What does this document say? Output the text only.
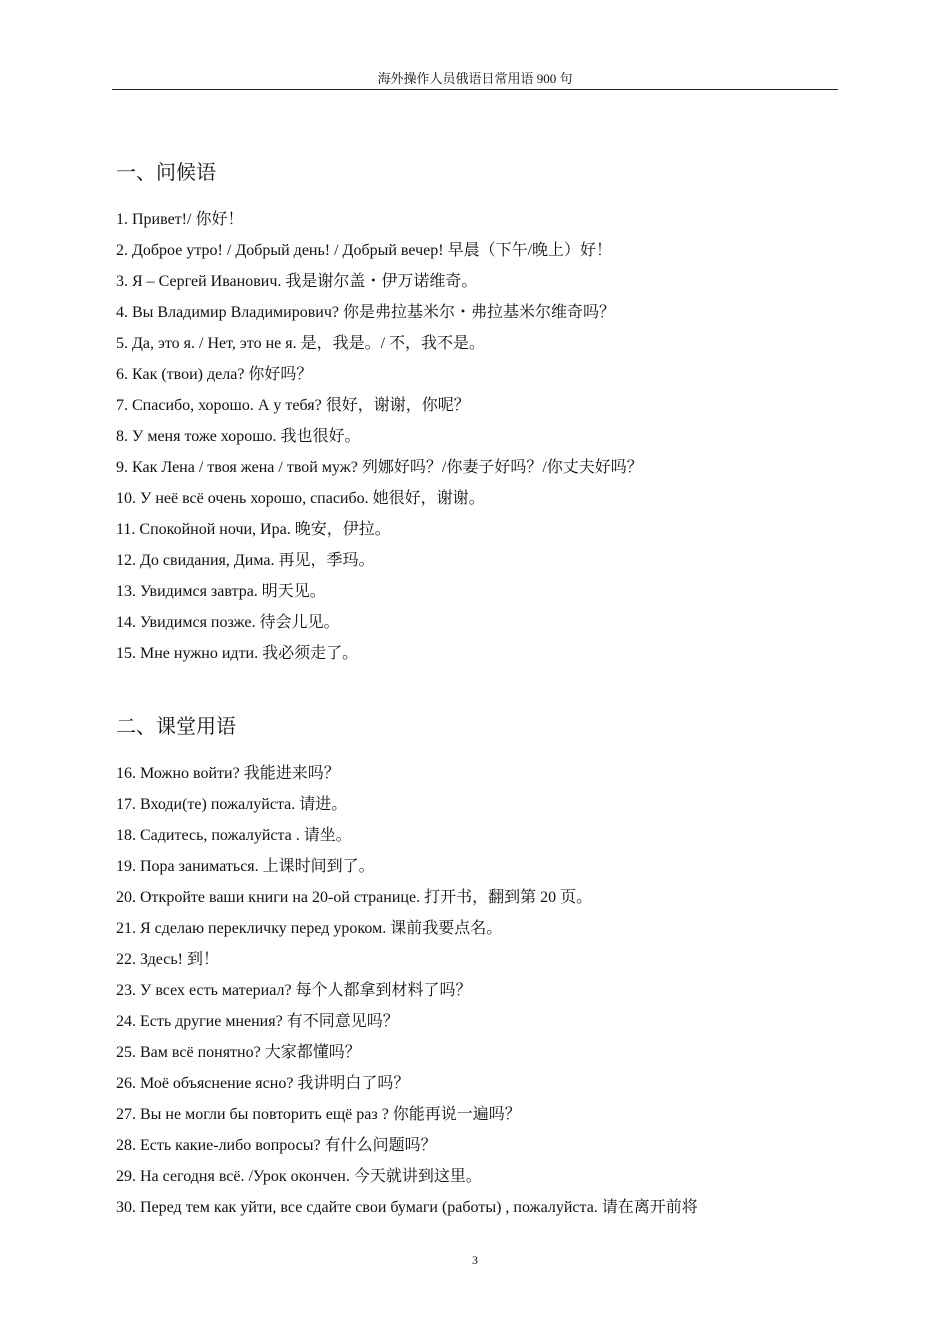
海外操作人员俄语日常用语 900 句
一、问候语
1. Привет!/ 你好！
2. Доброе утро! / Добрый день! / Добрый вечер! 早晨（下午/晚上）好！
3. Я – Сергей Иванович. 我是谢尔盖・伊万诺维奇。
4. Вы Владимир Владимирович? 你是弗拉基米尔・弗拉基米尔维奇吗？
5. Да, это я. / Нет, это не я. 是，我是。/ 不，我不是。
6. Как (твои) дела? 你好吗？
7. Спасибо, хорошо. А у тебя? 很好，谢谢，你呢？
8. У меня тоже хорошо. 我也很好。
9. Как Лена / твоя жена / твой муж? 列娜好吗？/你妻子好吗？/你丈夫好吗？
10. У неё всё очень хорошо, спасибо. 她很好，谢谢。
11. Спокойной ночи, Ира. 晚安，伊拉。
12. До свидания, Дима. 再见，季玛。
13. Увидимся завтра. 明天见。
14. Увидимся позже. 待会儿见。
15. Мне нужно идти. 我必须走了。
二、课堂用语
16. Можно войти? 我能进来吗？
17. Входи(те) пожалуйста. 请进。
18. Садитесь, пожалуйста . 请坐。
19. Пора заниматься. 上课时间到了。
20. Откройте ваши книги на 20-ой странице. 打开书，翻到第 20 页。
21. Я сделаю перекличку перед уроком. 课前我要点名。
22. Здесь! 到！
23. У всех есть материал? 每个人都拿到材料了吗？
24. Есть другие мнения? 有不同意见吗？
25. Вам всё понятно? 大家都懂吗？
26. Моё объяснение ясно? 我讲明白了吗？
27. Вы не могли бы повторить ещё раз ? 你能再说一遍吗？
28. Есть какие-либо вопросы? 有什么问题吗？
29. На сегодня всё. /Урок окончен. 今天就讲到这里。
30. Перед тем как уйти, все сдайте свои бумаги (работы) , пожалуйста. 请在离开前将
3
